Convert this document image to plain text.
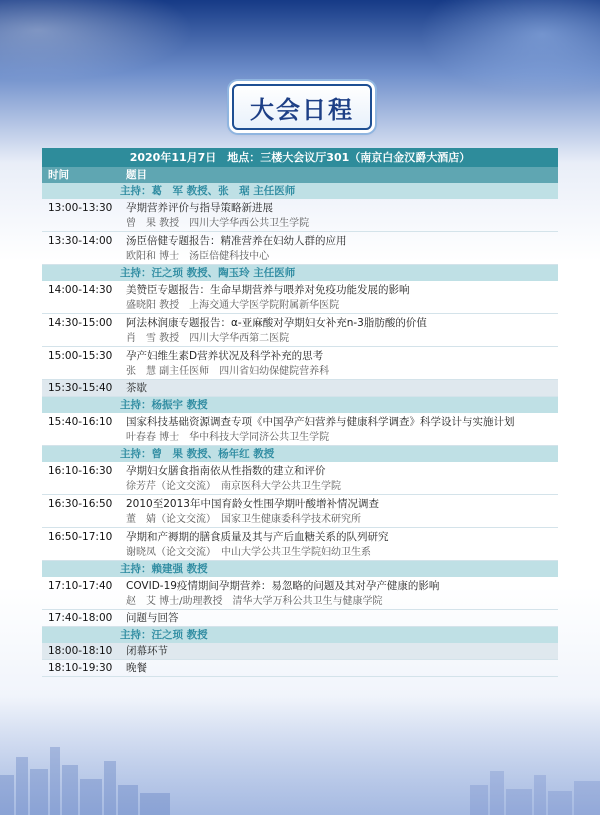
大会日程
2020年11月7日　地点：三楼大会议厅301（南京白金汉爵大酒店）
时间	题目
主持：葛　军 教授、张　琚 主任医师
13:00-13:30	孕期营养评价与指导策略新进展
曾　果 教授　四川大学华西公共卫生学院
13:30-14:00	汤臣倍健专题报告：精准营养在妇幼人群的应用
欧阳和 博士　汤臣倍健科技中心
主持：汪之顼 教授、陶玉玲 主任医师
14:00-14:30	美赞臣专题报告：生命早期营养与喂养对免疫功能发展的影响
盛晓阳 教授　上海交通大学医学院附属新华医院
14:30-15:00	阿法林润康专题报告：α-亚麻酸对孕期妇女补充n-3脂肪酸的价值
肖　雪 教授　四川大学华西第二医院
15:00-15:30	孕产妇维生素D营养状况及科学补充的思考
张　慧 副主任医师　四川省妇幼保健院营养科
15:30-15:40	茶歇
主持：杨振宇 教授
15:40-16:10	国家科技基础资源调查专项《中国孕产妇营养与健康科学调查》科学设计与实施计划
叶春春 博士　华中科技大学同济公共卫生学院
主持：曾　果 教授、杨年红 教授
16:10-16:30	孕期妇女膳食指南依从性指数的建立和评价
徐芳芹（论文交流）　南京医科大学公共卫生学院
16:30-16:50	2010至2013年中国育龄女性围孕期叶酸增补情况调查
董　婧（论文交流）　国家卫生健康委科学技术研究所
16:50-17:10	孕期和产褥期的膳食质量及其与产后血糖关系的队列研究
谢晓凤（论文交流）　中山大学公共卫生学院妇幼卫生系
主持：赖建强 教授
17:10-17:40	COVID-19疫情期间孕期营养：易忽略的问题及其对孕产健康的影响
赵　艾 博士/助理教授　清华大学万科公共卫生与健康学院
17:40-18:00	问题与回答
主持：汪之顼 教授
18:00-18:10	闭幕环节
18:10-19:30	晚餐
